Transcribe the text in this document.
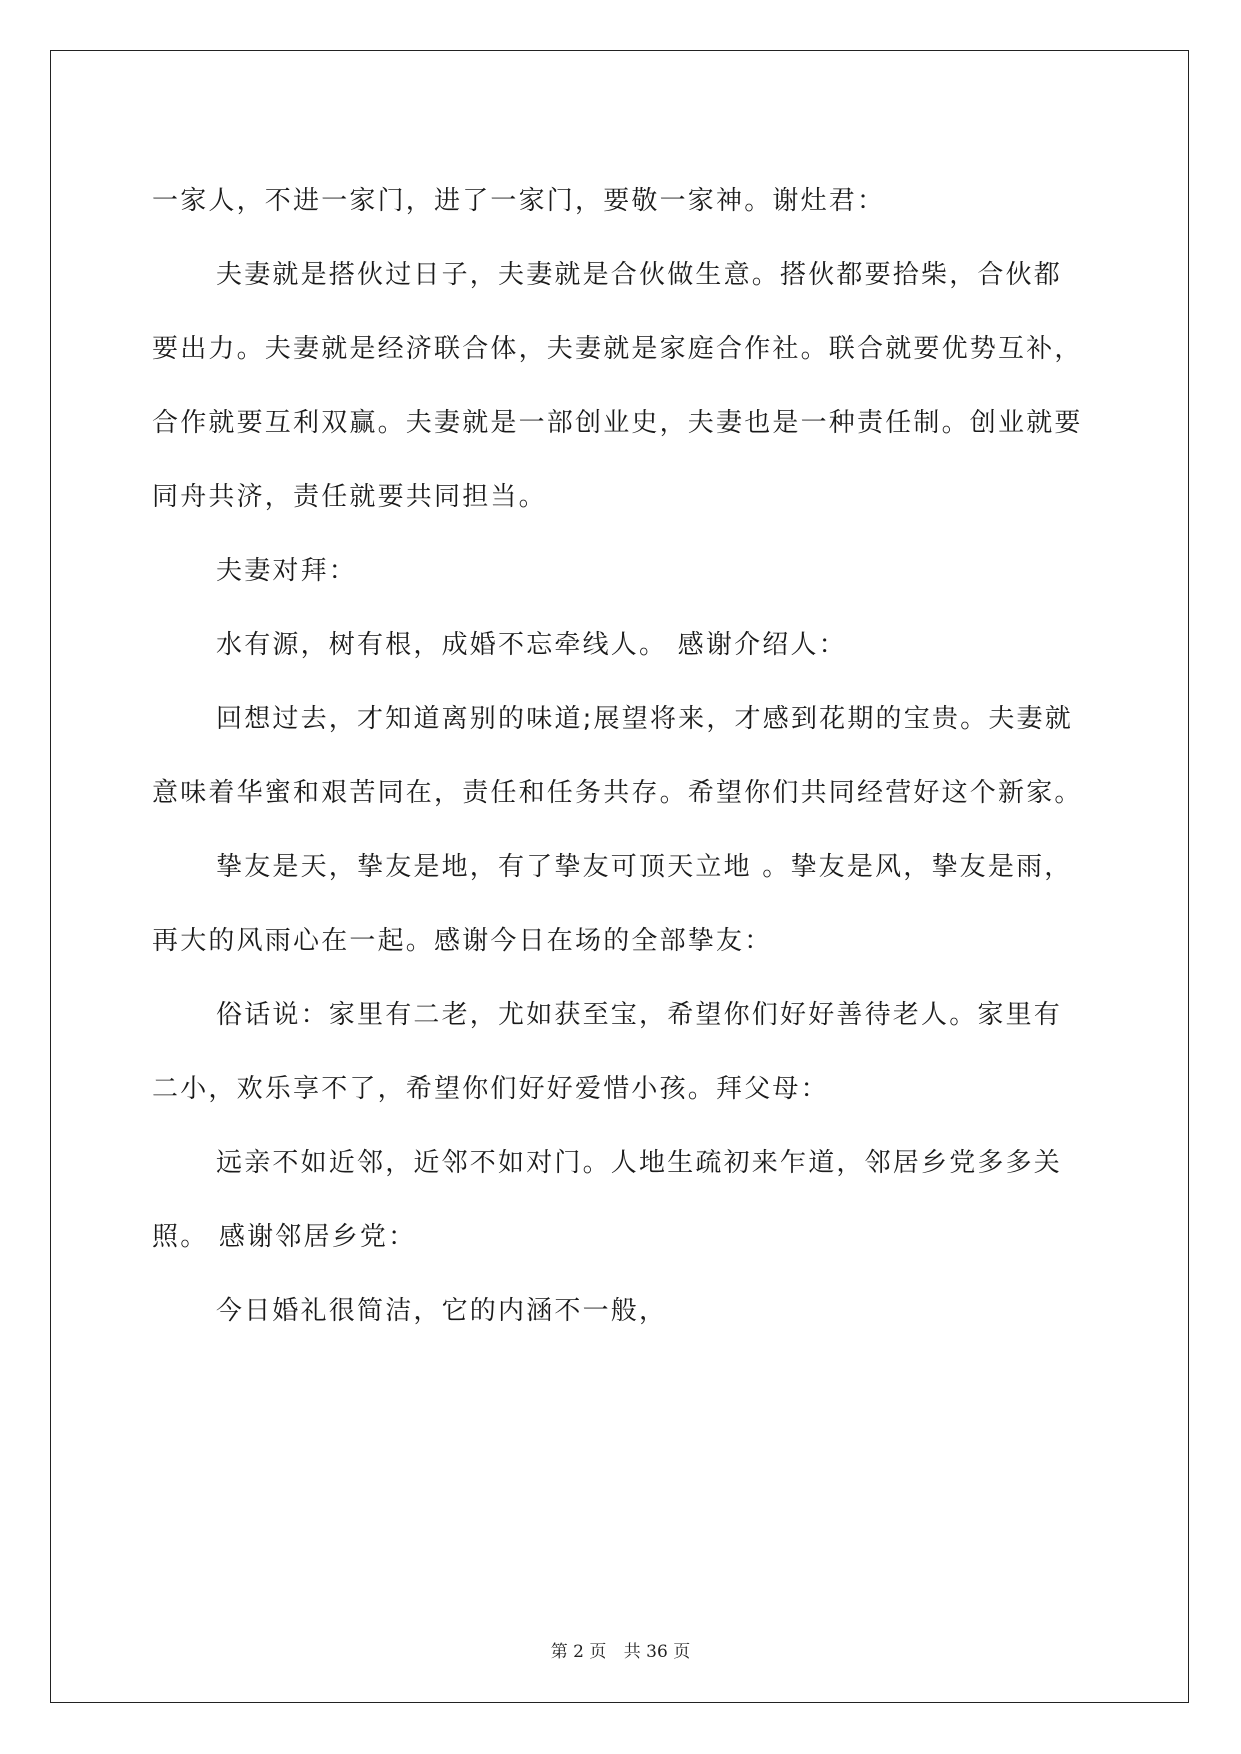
一家人，不进一家门，进了一家门，要敬一家神。谢灶君：

夫妻就是搭伙过日子，夫妻就是合伙做生意。搭伙都要拾柴，合伙都要出力。夫妻就是经济联合体，夫妻就是家庭合作社。联合就要优势互补，合作就要互利双赢。夫妻就是一部创业史，夫妻也是一种责任制。创业就要同舟共济，责任就要共同担当。

夫妻对拜：

水有源，树有根，成婚不忘牵线人。 感谢介绍人：

回想过去，才知道离别的味道;展望将来，才感到花期的宝贵。夫妻就意味着华蜜和艰苦同在，责任和任务共存。希望你们共同经营好这个新家。

挚友是天，挚友是地，有了挚友可顶天立地 。挚友是风，挚友是雨，再大的风雨心在一起。感谢今日在场的全部挚友：

俗话说：家里有二老，尤如获至宝，希望你们好好善待老人。家里有二小，欢乐享不了，希望你们好好爱惜小孩。拜父母：

远亲不如近邻，近邻不如对门。人地生疏初来乍道，邻居乡党多多关照。 感谢邻居乡党：

今日婚礼很简洁，它的内涵不一般，

第 2 页 共 36 页
